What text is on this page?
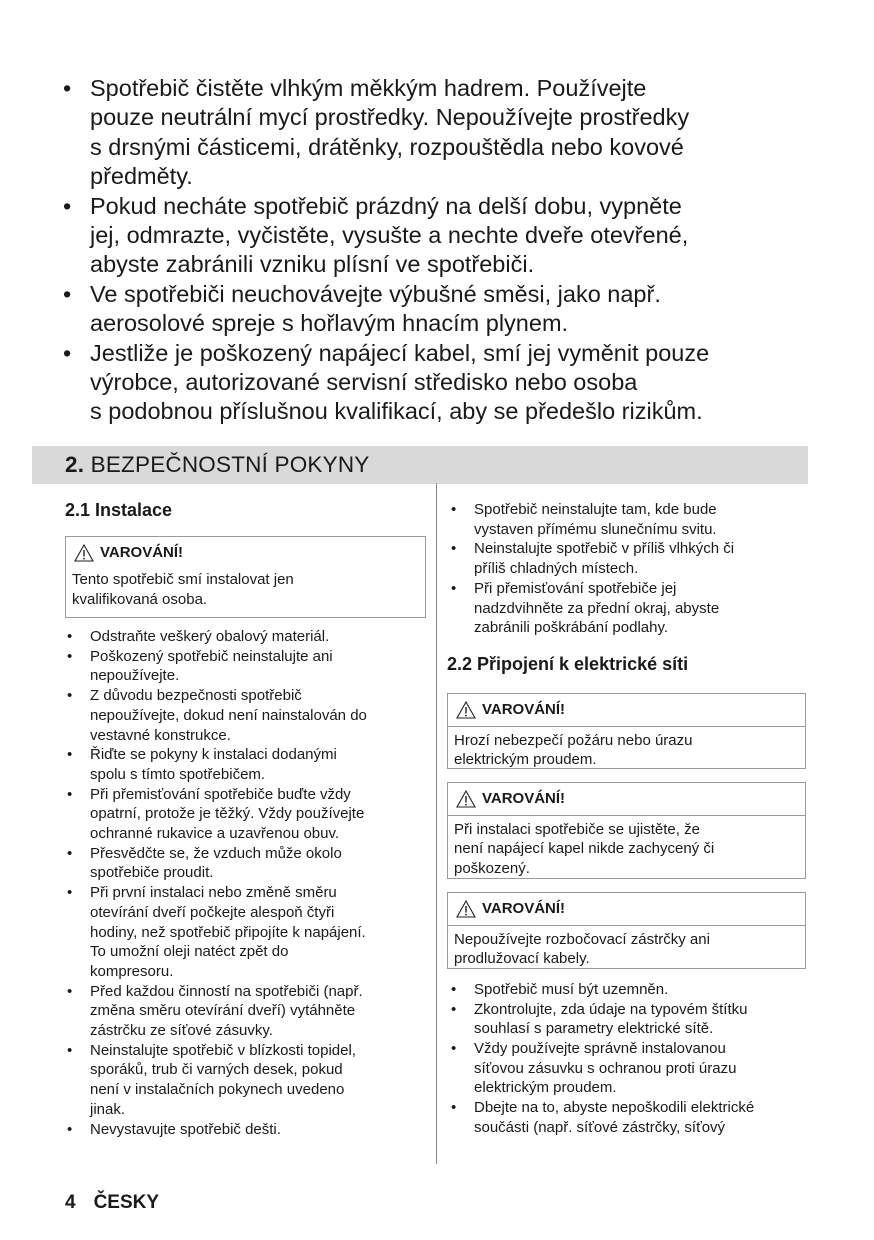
• Spotřebič čistěte vlhkým měkkým hadrem. Používejte
pouze neutrální mycí prostředky. Nepoužívejte prostředky
s drsnými částicemi, drátěnky, rozpouštědla nebo kovové
předměty.
• Pokud necháte spotřebič prázdný na delší dobu, vypněte
jej, odmrazte, vyčistěte, vysušte a nechte dveře otevřené,
abyste zabránili vzniku plísní ve spotřebiči.
• Ve spotřebiči neuchovávejte výbušné směsi, jako např.
aerosolové spreje s hořlavým hnacím plynem.
• Jestliže je poškozený napájecí kabel, smí jej vyměnit pouze
výrobce, autorizované servisní středisko nebo osoba
s podobnou příslušnou kvalifikací, aby se předešlo rizikům.
2. BEZPEČNOSTNÍ POKYNY
2.1 Instalace
VAROVÁNÍ!
Tento spotřebič smí instalovat jen
kvalifikovaná osoba.
• Odstraňte veškerý obalový materiál.
• Poškozený spotřebič neinstalujte ani
nepoužívejte.
• Z důvodu bezpečnosti spotřebič
nepoužívejte, dokud není nainstalován do
vestavné konstrukce.
• Řiďte se pokyny k instalaci dodanými
spolu s tímto spotřebičem.
• Při přemisťování spotřebiče buďte vždy
opatrní, protože je těžký. Vždy používejte
ochranné rukavice a uzavřenou obuv.
• Přesvědčte se, že vzduch může okolo
spotřebiče proudit.
• Při první instalaci nebo změně směru
otevírání dveří počkejte alespoň čtyři
hodiny, než spotřebič připojíte k napájení.
To umožní oleji natéct zpět do
kompresoru.
• Před každou činností na spotřebiči (např.
změna směru otevírání dveří) vytáhněte
zástrčku ze síťové zásuvky.
• Neinstalujte spotřebič v blízkosti topidel,
sporáků, trub či varných desek, pokud
není v instalačních pokynech uvedeno
jinak.
• Nevystavujte spotřebič dešti.
• Spotřebič neinstalujte tam, kde bude
vystaven přímému slunečnímu svitu.
• Neinstalujte spotřebič v příliš vlhkých či
příliš chladných místech.
• Při přemisťování spotřebiče jej
nadzdvihněte za přední okraj, abyste
zabránili poškrábání podlahy.
2.2 Připojení k elektrické síti
VAROVÁNÍ!
Hrozí nebezpečí požáru nebo úrazu
elektrickým proudem.
VAROVÁNÍ!
Při instalaci spotřebiče se ujistěte, že
není napájecí kapel nikde zachycený či
poškozený.
VAROVÁNÍ!
Nepoužívejte rozbočovací zástrčky ani
prodlužovací kabely.
• Spotřebič musí být uzemněn.
• Zkontrolujte, zda údaje na typovém štítku
souhlasí s parametry elektrické sítě.
• Vždy používejte správně instalovanou
síťovou zásuvku s ochranou proti úrazu
elektrickým proudem.
• Dbejte na to, abyste nepoškodili elektrické
součásti (např. síťové zástrčky, síťový
4 ČESKY
